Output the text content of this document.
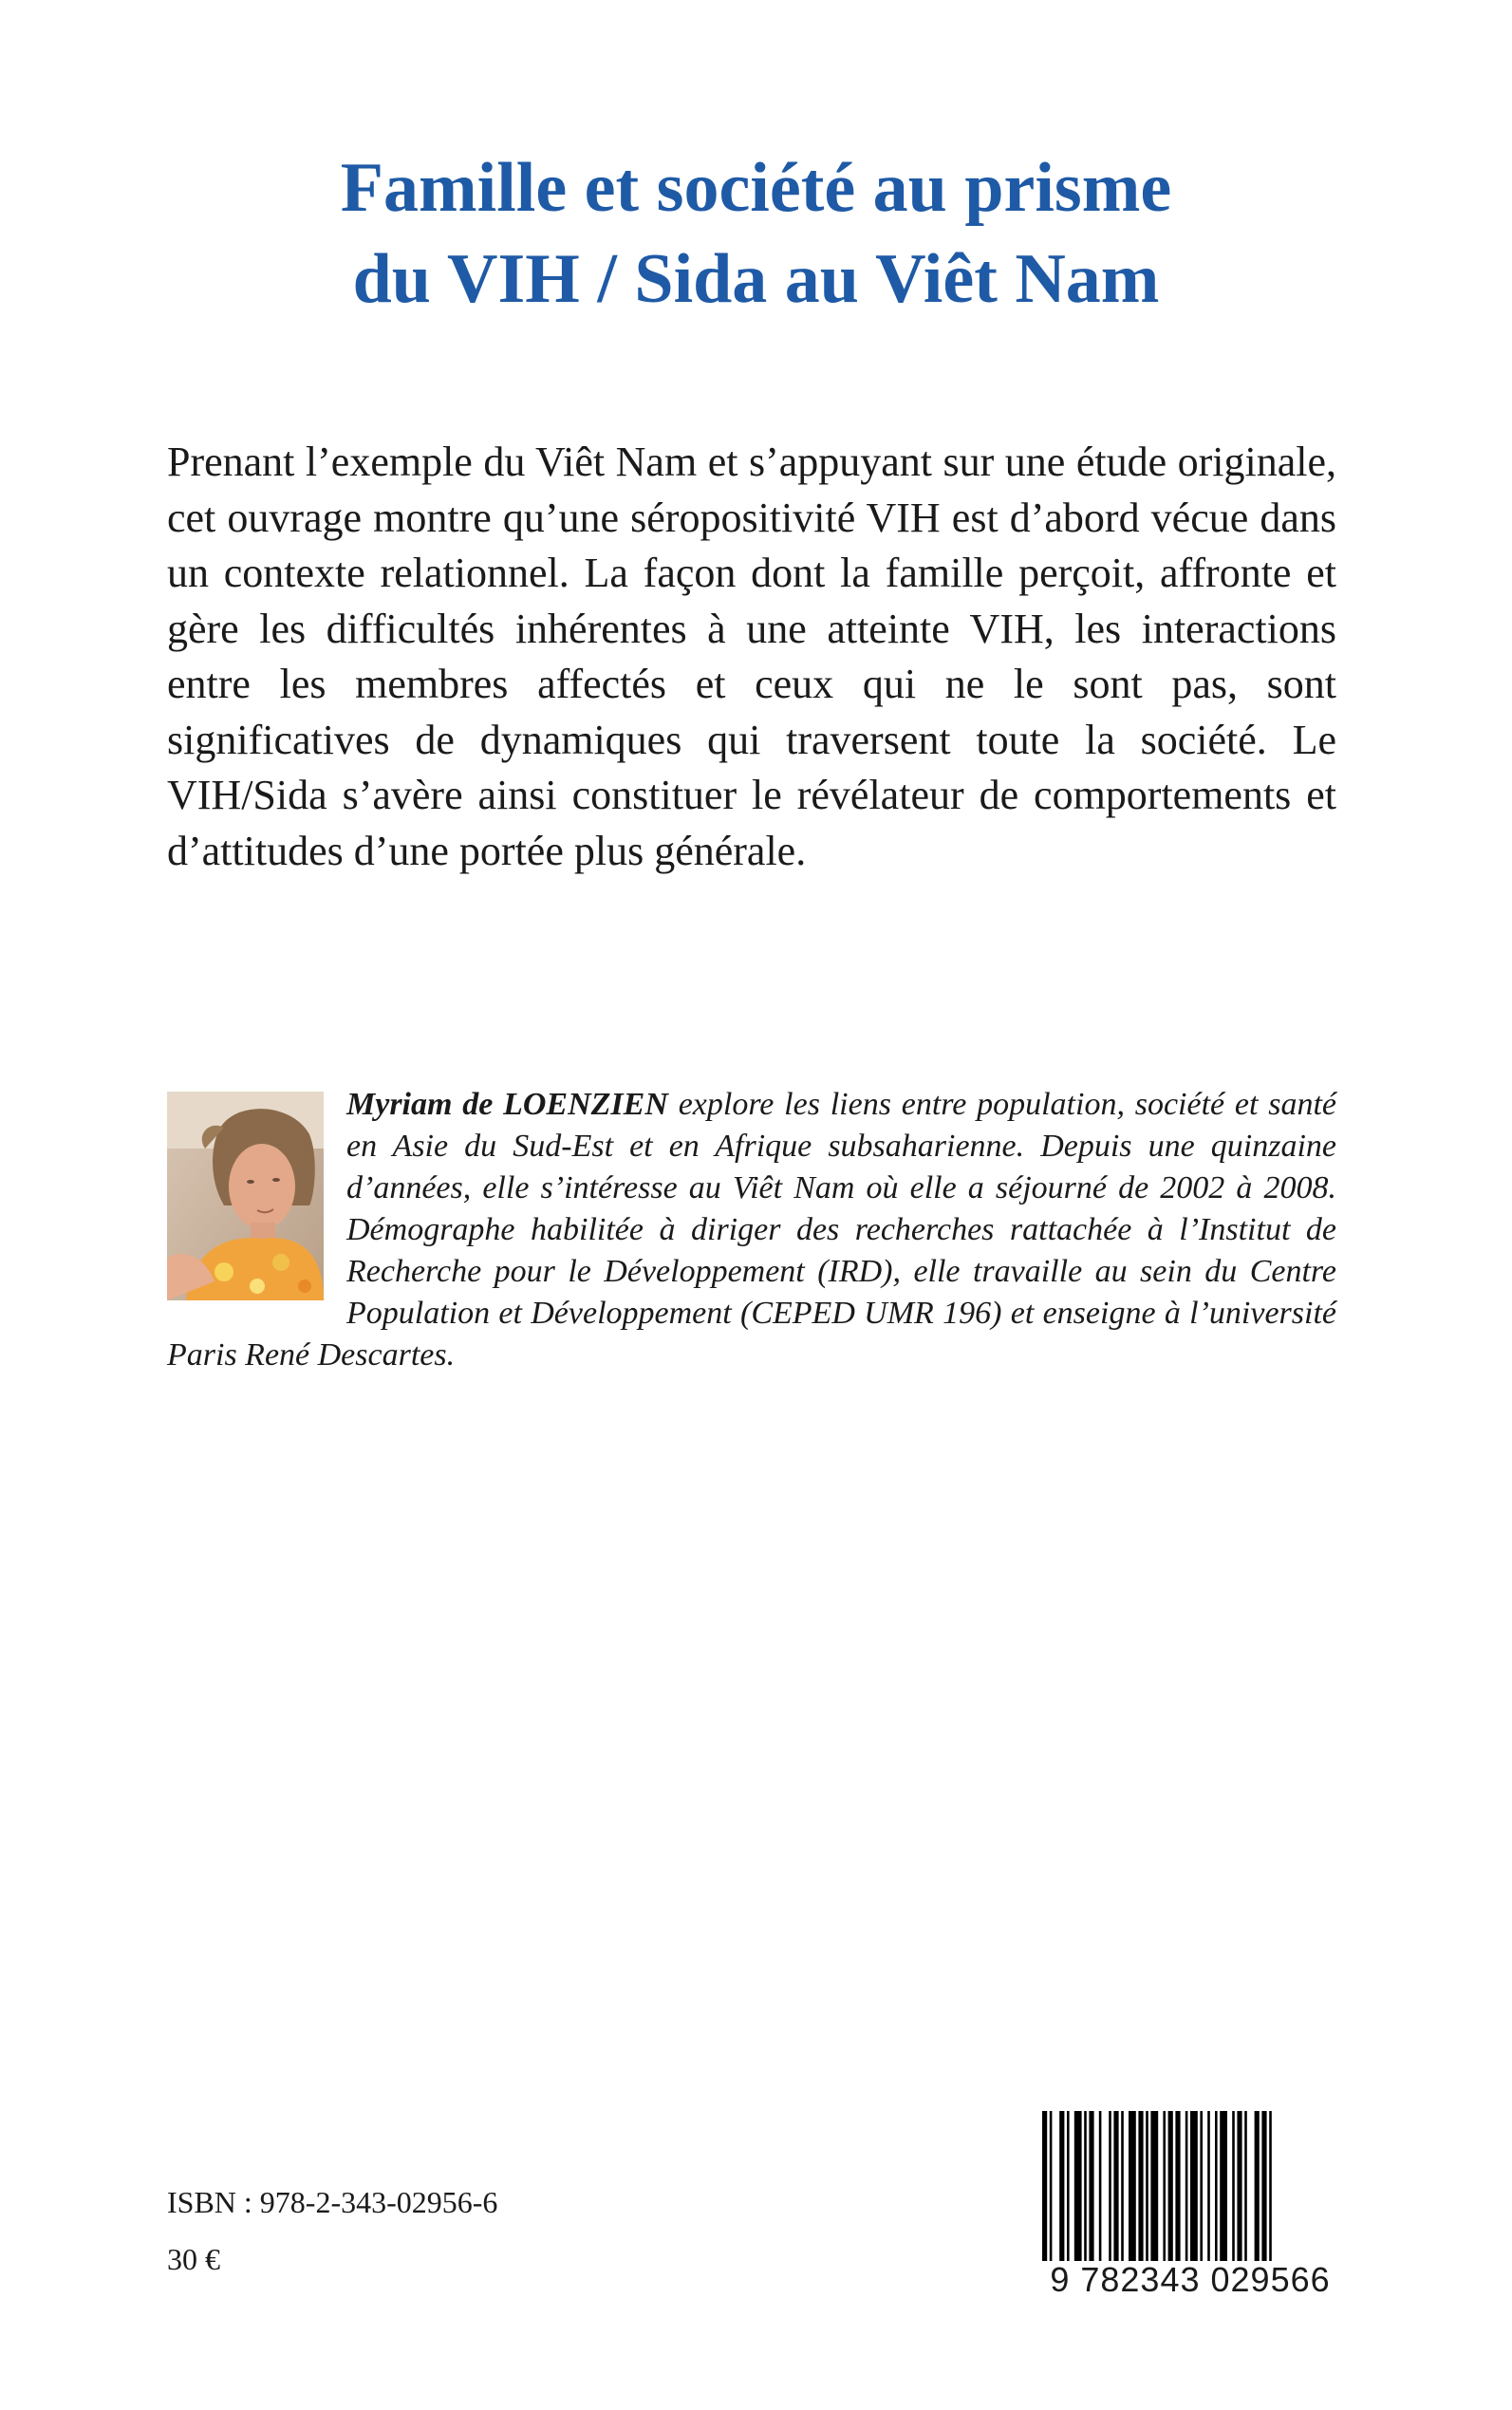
Famille et société au prisme
du VIH / Sida au Viêt Nam

Prenant l’exemple du Viêt Nam et s’appuyant sur une étude originale, cet ouvrage montre qu’une séropositivité VIH est d’abord vécue dans un contexte relationnel. La façon dont la famille perçoit, affronte et gère les difficultés inhérentes à une atteinte VIH, les interactions entre les membres affectés et ceux qui ne le sont pas, sont significatives de dynamiques qui traversent toute la société. Le VIH/Sida s’avère ainsi constituer le révélateur de comportements et d’attitudes d’une portée plus générale.

Myriam de LOENZIEN explore les liens entre population, société et santé en Asie du Sud-Est et en Afrique subsaharienne. Depuis une quinzaine d’années, elle s’intéresse au Viêt Nam où elle a séjourné de 2002 à 2008. Démographe habilitée à diriger des recherches rattachée à l’Institut de Recherche pour le Développement (IRD), elle travaille au sein du Centre Population et Développement (CEPED UMR 196) et enseigne à l’université Paris René Descartes.
ISBN : 978-2-343-02956-6
30 €
9 782343 029566
